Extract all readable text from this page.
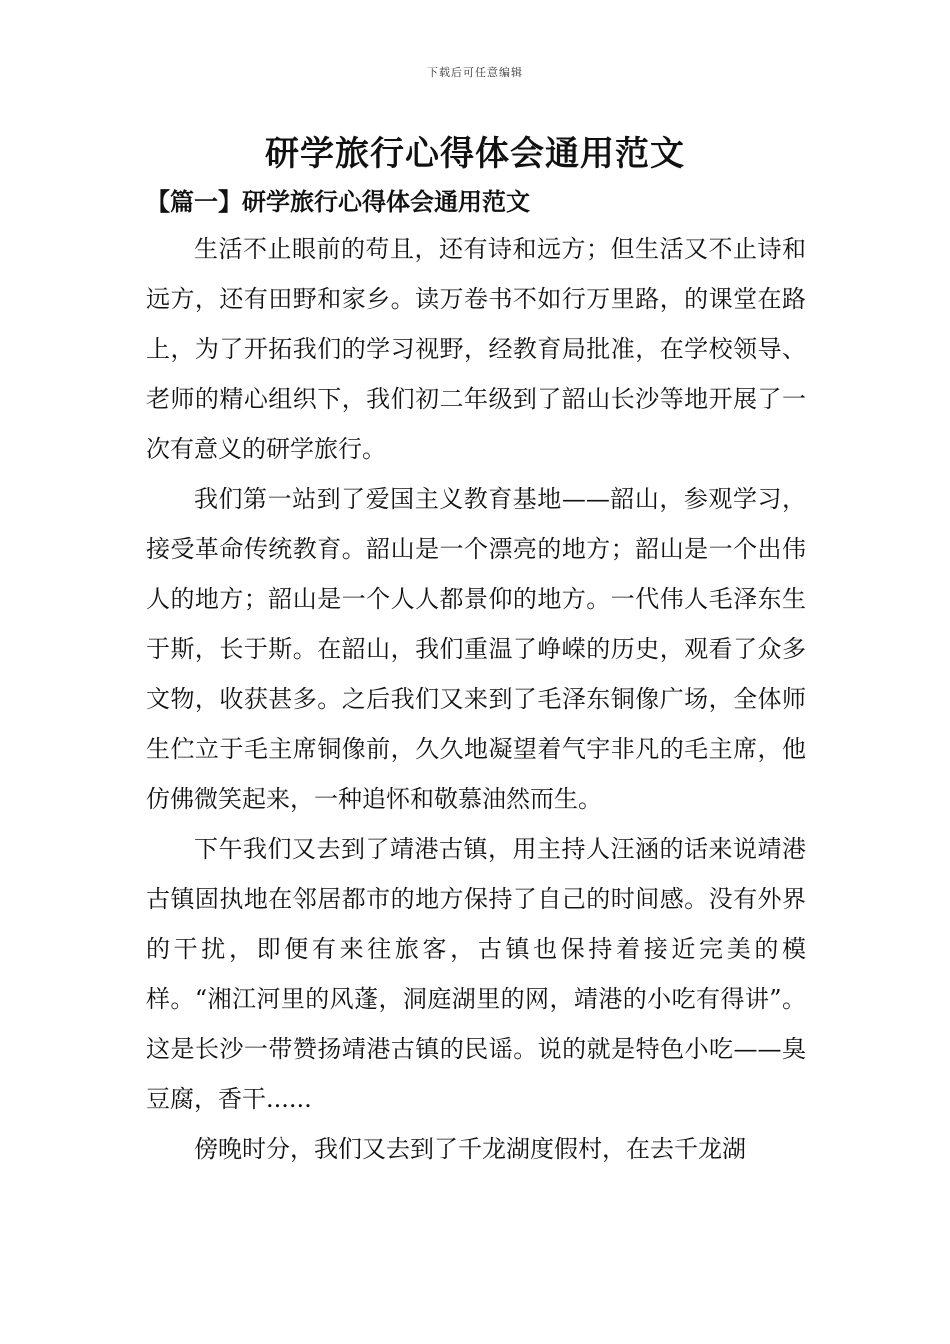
下载后可任意编辑
研学旅行心得体会通用范文
【篇一】研学旅行心得体会通用范文

生活不止眼前的苟且，还有诗和远方；但生活又不止诗和远方，还有田野和家乡。读万卷书不如行万里路，的课堂在路上，为了开拓我们的学习视野，经教育局批准，在学校领导、老师的精心组织下，我们初二年级到了韶山长沙等地开展了一次有意义的研学旅行。

我们第一站到了爱国主义教育基地——韶山，参观学习，接受革命传统教育。韶山是一个漂亮的地方；韶山是一个出伟人的地方；韶山是一个人人都景仰的地方。一代伟人毛泽东生于斯，长于斯。在韶山，我们重温了峥嵘的历史，观看了众多文物，收获甚多。之后我们又来到了毛泽东铜像广场，全体师生伫立于毛主席铜像前，久久地凝望着气宇非凡的毛主席，他仿佛微笑起来，一种追怀和敬慕油然而生。

下午我们又去到了靖港古镇，用主持人汪涵的话来说靖港古镇固执地在邻居都市的地方保持了自己的时间感。没有外界的干扰，即便有来往旅客，古镇也保持着接近完美的模样。“湘江河里的风蓬，洞庭湖里的网，靖港的小吃有得讲”。这是长沙一带赞扬靖港古镇的民谣。说的就是特色小吃——臭豆腐，香干......

傍晚时分，我们又去到了千龙湖度假村，在去千龙湖
